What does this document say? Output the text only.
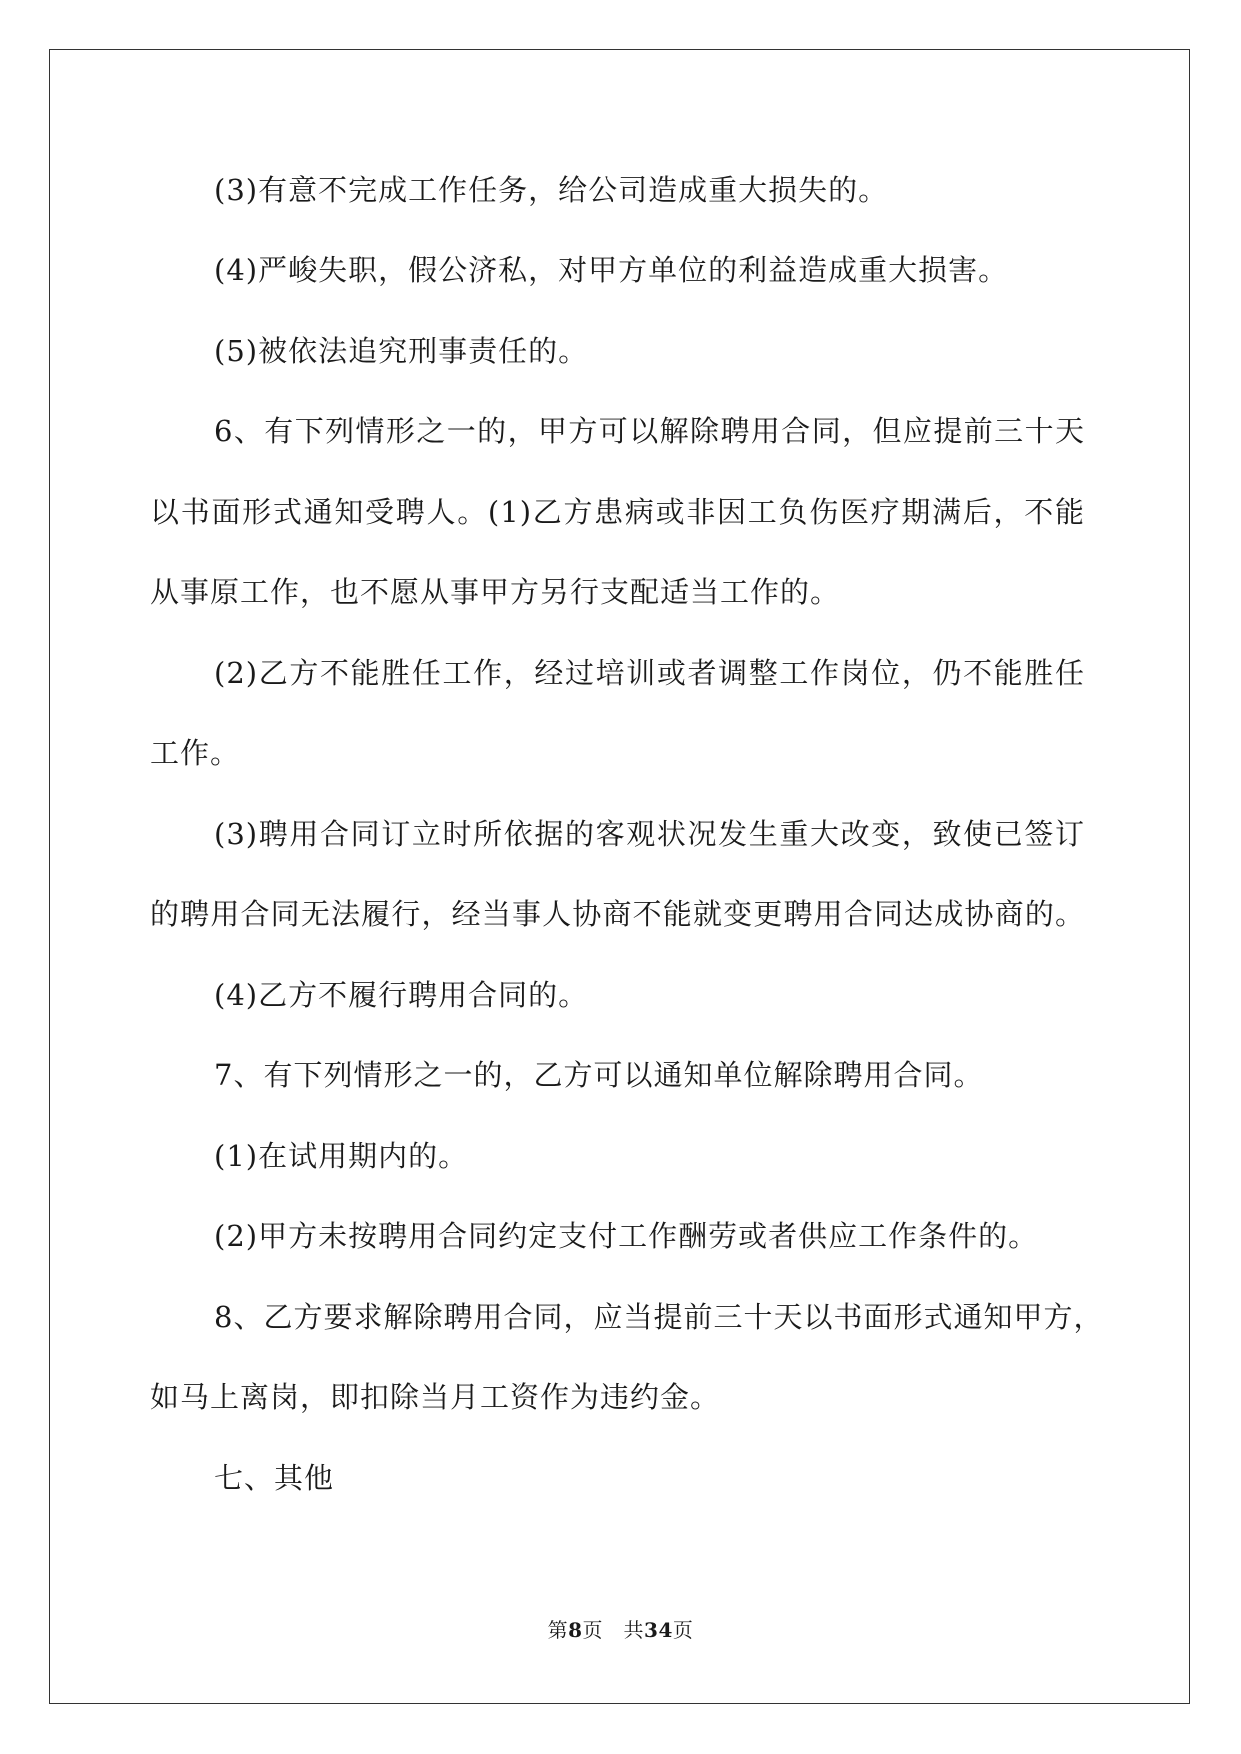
(3)有意不完成工作任务，给公司造成重大损失的。
(4)严峻失职，假公济私，对甲方单位的利益造成重大损害。
(5)被依法追究刑事责任的。
6、有下列情形之一的，甲方可以解除聘用合同，但应提前三十天
以书面形式通知受聘人。(1)乙方患病或非因工负伤医疗期满后，不能
从事原工作，也不愿从事甲方另行支配适当工作的。
(2)乙方不能胜任工作，经过培训或者调整工作岗位，仍不能胜任
工作。
(3)聘用合同订立时所依据的客观状况发生重大改变，致使已签订
的聘用合同无法履行，经当事人协商不能就变更聘用合同达成协商的。
(4)乙方不履行聘用合同的。
7、有下列情形之一的，乙方可以通知单位解除聘用合同。
(1)在试用期内的。
(2)甲方未按聘用合同约定支付工作酬劳或者供应工作条件的。
8、乙方要求解除聘用合同，应当提前三十天以书面形式通知甲方，
如马上离岗，即扣除当月工资作为违约金。
七、其他
第8页　共34页
